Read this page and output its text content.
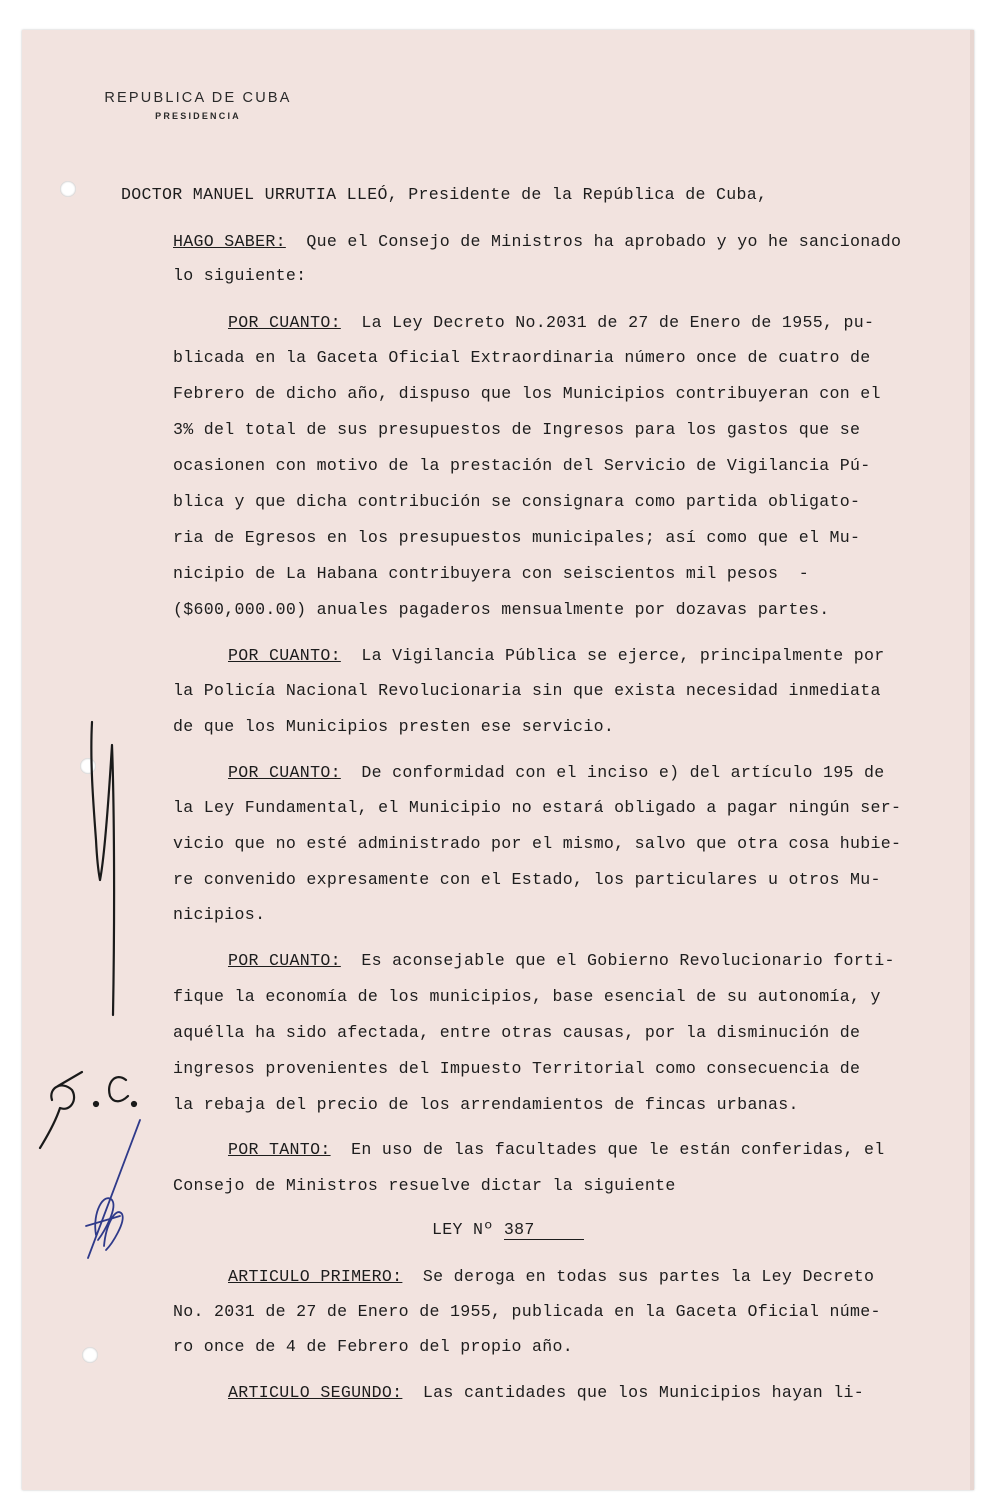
REPUBLICA DE CUBA
PRESIDENCIA
DOCTOR MANUEL URRUTIA LLEÓ, Presidente de la República de Cuba,
HAGO SABER:  Que el Consejo de Ministros ha aprobado y yo he sancionado
lo siguiente:
POR CUANTO:  La Ley Decreto No.2031 de 27 de Enero de 1955, pu-
blicada en la Gaceta Oficial Extraordinaria número once de cuatro de
Febrero de dicho año, dispuso que los Municipios contribuyeran con el
3% del total de sus presupuestos de Ingresos para los gastos que se
ocasionen con motivo de la prestación del Servicio de Vigilancia Pú-
blica y que dicha contribución se consignara como partida obligato-
ria de Egresos en los presupuestos municipales; así como que el Mu-
nicipio de La Habana contribuyera con seiscientos mil pesos  -
($600,000.00) anuales pagaderos mensualmente por dozavas partes.
POR CUANTO:  La Vigilancia Pública se ejerce, principalmente por
la Policía Nacional Revolucionaria sin que exista necesidad inmediata
de que los Municipios presten ese servicio.
POR CUANTO:  De conformidad con el inciso e) del artículo 195 de
la Ley Fundamental, el Municipio no estará obligado a pagar ningún ser-
vicio que no esté administrado por el mismo, salvo que otra cosa hubie-
re convenido expresamente con el Estado, los particulares u otros Mu-
nicipios.
POR CUANTO:  Es aconsejable que el Gobierno Revolucionario forti-
fique la economía de los municipios, base esencial de su autonomía, y
aquélla ha sido afectada, entre otras causas, por la disminución de
ingresos provenientes del Impuesto Territorial como consecuencia de
la rebaja del precio de los arrendamientos de fincas urbanas.
POR TANTO:  En uso de las facultades que le están conferidas, el
Consejo de Ministros resuelve dictar la siguiente
LEY Nº 387
ARTICULO PRIMERO:  Se deroga en todas sus partes la Ley Decreto
No. 2031 de 27 de Enero de 1955, publicada en la Gaceta Oficial núme-
ro once de 4 de Febrero del propio año.
ARTICULO SEGUNDO:  Las cantidades que los Municipios hayan li-
